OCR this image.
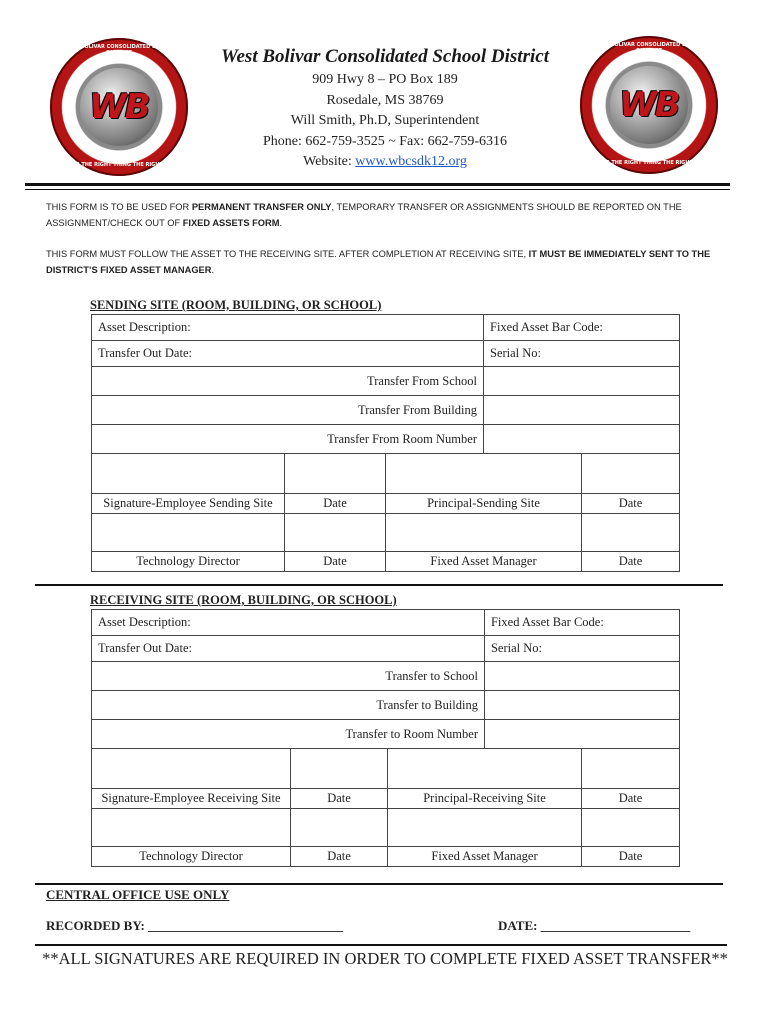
WEST BOLIVAR CONSOLIDATED SCHOOL DISTRICT
WB
DOING THE RIGHT THING THE RIGHT WAY
WEST BOLIVAR CONSOLIDATED SCHOOL DISTRICT
WB
DOING THE RIGHT THING THE RIGHT WAY
West Bolivar Consolidated School District
909 Hwy 8 – PO Box 189
Rosedale, MS 38769
Will Smith, Ph.D, Superintendent
Phone: 662-759-3525 ~ Fax: 662-759-6316
Website: www.wbcsdk12.org
THIS FORM IS TO BE USED FOR PERMANENT TRANSFER ONLY, TEMPORARY TRANSFER OR ASSIGNMENTS SHOULD BE REPORTED ON THE ASSIGNMENT/CHECK OUT OF FIXED ASSETS FORM.
THIS FORM MUST FOLLOW THE ASSET TO THE RECEIVING SITE. AFTER COMPLETION AT RECEIVING SITE, IT MUST BE IMMEDIATELY SENT TO THE DISTRICT’S FIXED ASSET MANAGER.
SENDING SITE (ROOM, BUILDING, OR SCHOOL)
Asset Description:			Fixed Asset Bar Code:	
Transfer Out Date:			Serial No:	
Transfer From School				
Transfer From Building				
Transfer From Room Number				

Signature-Employee Sending Site	Date	Principal-Sending Site		Date

Technology Director	Date	Fixed Asset Manager		Date
RECEIVING SITE (ROOM, BUILDING, OR SCHOOL)
Asset Description:			Fixed Asset Bar Code:	
Transfer Out Date:			Serial No:	
Transfer to School				
Transfer to Building				
Transfer to Room Number				

Signature-Employee Receiving Site	Date	Principal-Receiving Site		Date

Technology Director	Date	Fixed Asset Manager		Date
CENTRAL OFFICE USE ONLY
RECORDED BY: ______________________________	DATE: _______________________
**ALL SIGNATURES ARE REQUIRED IN ORDER TO COMPLETE FIXED ASSET TRANSFER**
